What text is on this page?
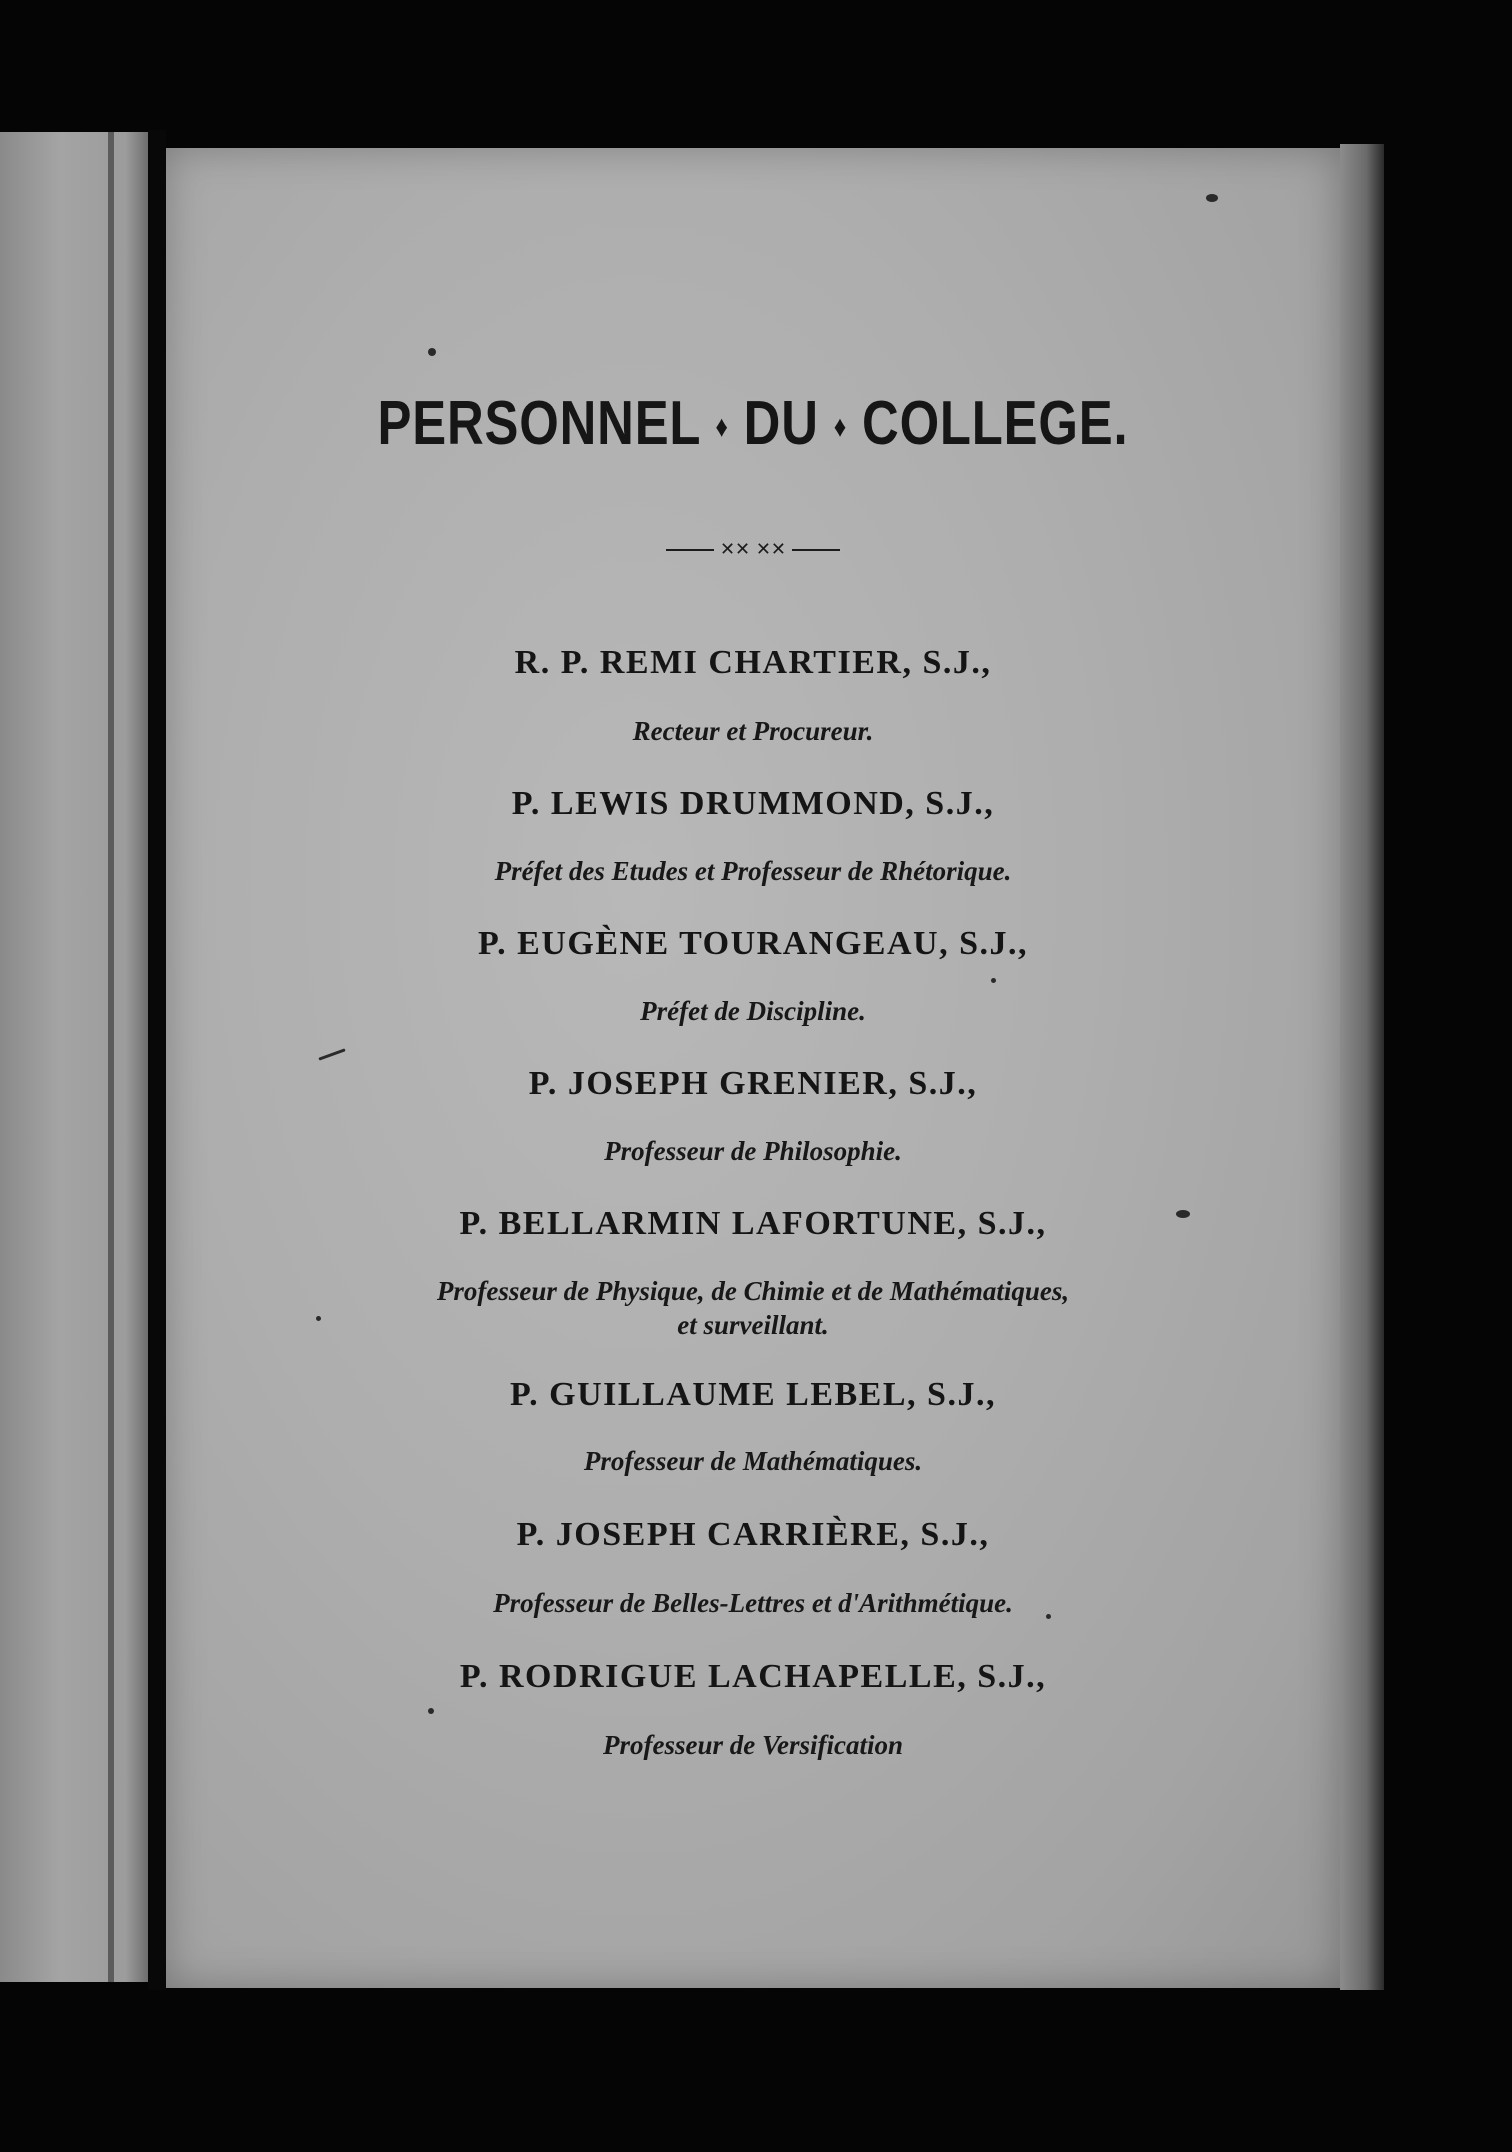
PERSONNEL ♦ DU ♦ COLLEGE.
✕✕ ✕✕
R. P. REMI CHARTIER, S.J.,
Recteur et Procureur.
P. LEWIS DRUMMOND, S.J.,
Préfet des Etudes et Professeur de Rhétorique.
P. EUGÈNE TOURANGEAU, S.J.,
Préfet de Discipline.
P. JOSEPH GRENIER, S.J.,
Professeur de Philosophie.
P. BELLARMIN LAFORTUNE, S.J.,
Professeur de Physique, de Chimie et de Mathématiques,
et surveillant.
P. GUILLAUME LEBEL, S.J.,
Professeur de Mathématiques.
P. JOSEPH CARRIÈRE, S.J.,
Professeur de Belles-Lettres et d'Arithmétique.
P. RODRIGUE LACHAPELLE, S.J.,
Professeur de Versification
